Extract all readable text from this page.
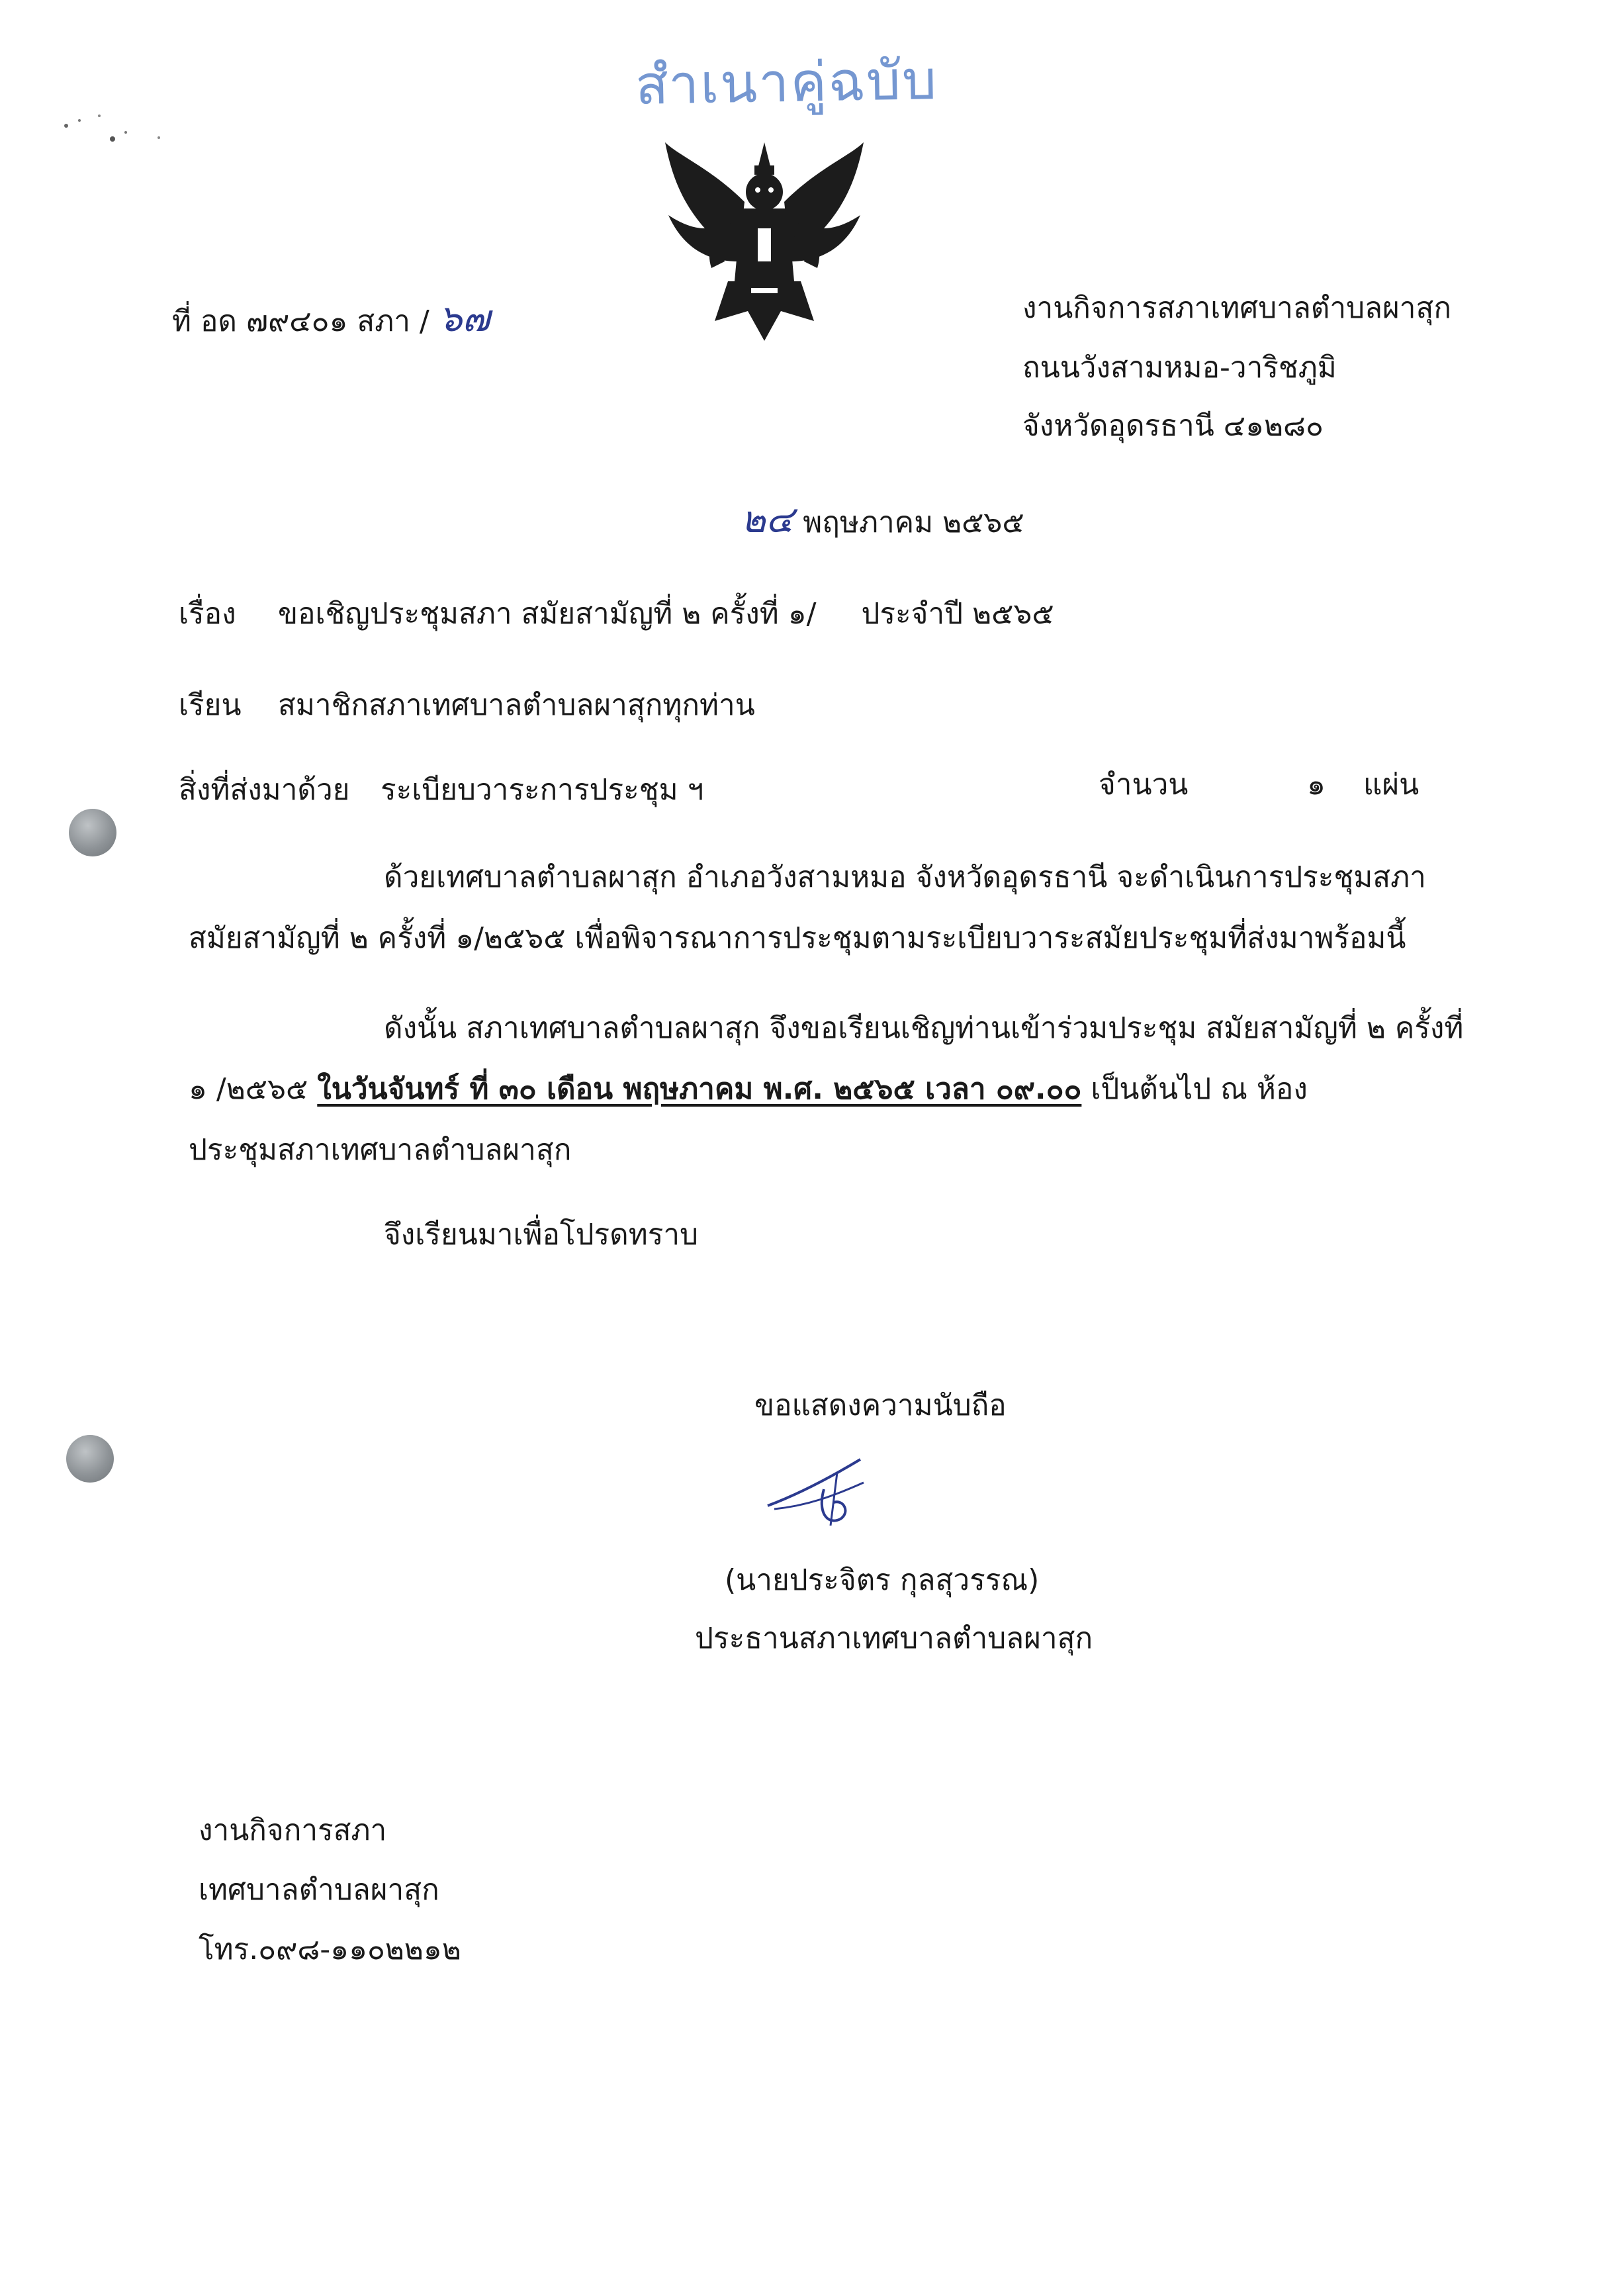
สำเนาคู่ฉบับ
ที่ อด ๗๙๔๐๑ สภา / ๖๗	งานกิจการสภาเทศบาลตำบลผาสุก
ถนนวังสามหมอ-วาริชภูมิ
จังหวัดอุดรธานี ๔๑๒๘๐
๒๔ พฤษภาคม ๒๕๖๕
เรื่อง ขอเชิญประชุมสภา สมัยสามัญที่ ๒ ครั้งที่ ๑/ ประจำปี ๒๕๖๕
เรียน สมาชิกสภาเทศบาลตำบลผาสุกทุกท่าน
สิ่งที่ส่งมาด้วย ระเบียบวาระการประชุม ฯ	จำนวน	๑ แผ่น
ด้วยเทศบาลตำบลผาสุก อำเภอวังสามหมอ จังหวัดอุดรธานี จะดำเนินการประชุมสภา
สมัยสามัญที่ ๒ ครั้งที่ ๑/๒๕๖๕ เพื่อพิจารณาการประชุมตามระเบียบวาระสมัยประชุมที่ส่งมาพร้อมนี้
ดังนั้น สภาเทศบาลตำบลผาสุก จึงขอเรียนเชิญท่านเข้าร่วมประชุม สมัยสามัญที่ ๒ ครั้งที่
๑ /๒๕๖๕ ในวันจันทร์ ที่ ๓๐ เดือน พฤษภาคม พ.ศ. ๒๕๖๕ เวลา ๐๙.๐๐ เป็นต้นไป ณ ห้อง
ประชุมสภาเทศบาลตำบลผาสุก
จึงเรียนมาเพื่อโปรดทราบ
ขอแสดงความนับถือ
(นายประจิตร กุลสุวรรณ)
ประธานสภาเทศบาลตำบลผาสุก
งานกิจการสภา
เทศบาลตำบลผาสุก
โทร.๐๙๘-๑๑๐๒๒๑๒
